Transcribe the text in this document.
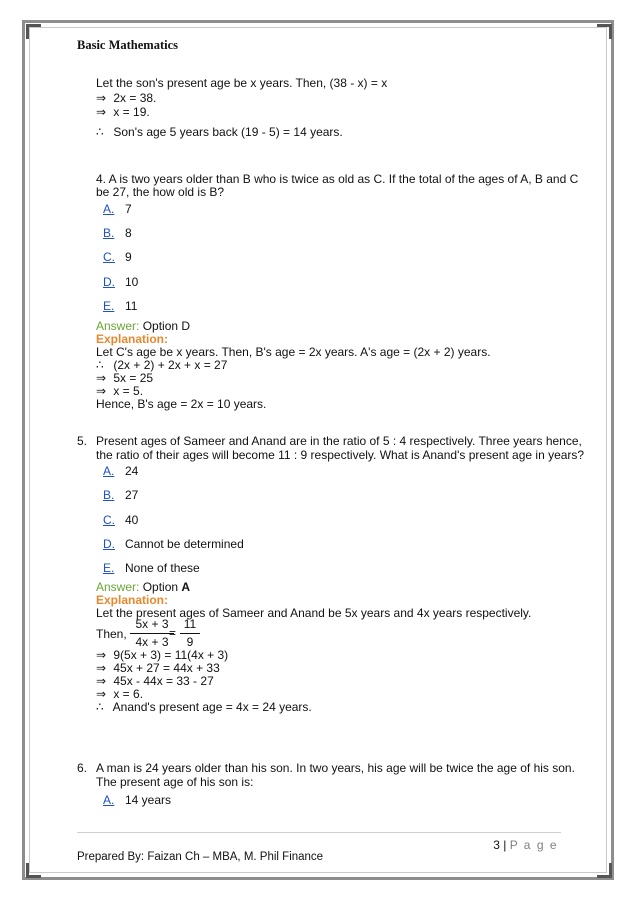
Basic Mathematics
Let the son's present age be x years. Then, (38 - x) = x
⇒ 2x = 38.
⇒ x = 19.
∴ Son's age 5 years back (19 - 5) = 14 years.
4. A is two years older than B who is twice as old as C. If the total of the ages of A, B and C
be 27, the how old is B?
A. 7
B. 8
C. 9
D. 10
E. 11
Answer: Option D
Explanation:
Let C's age be x years. Then, B's age = 2x years. A's age = (2x + 2) years.
∴ (2x + 2) + 2x + x = 27
⇒ 5x = 25
⇒ x = 5.
Hence, B's age = 2x = 10 years.
5. Present ages of Sameer and Anand are in the ratio of 5 : 4 respectively. Three years hence,
the ratio of their ages will become 11 : 9 respectively. What is Anand's present age in years?
A. 24
B. 27
C. 40
D. Cannot be determined
E. None of these
Answer: Option A
Explanation:
Let the present ages of Sameer and Anand be 5x years and 4x years respectively.
Then,
5x + 3
4x + 3
=
11
9
⇒ 9(5x + 3) = 11(4x + 3)
⇒ 45x + 27 = 44x + 33
⇒ 45x - 44x = 33 - 27
⇒ x = 6.
∴ Anand's present age = 4x = 24 years.
6. A man is 24 years older than his son. In two years, his age will be twice the age of his son.
The present age of his son is:
A. 14 years
3 | P a g e
Prepared By: Faizan Ch – MBA, M. Phil Finance
